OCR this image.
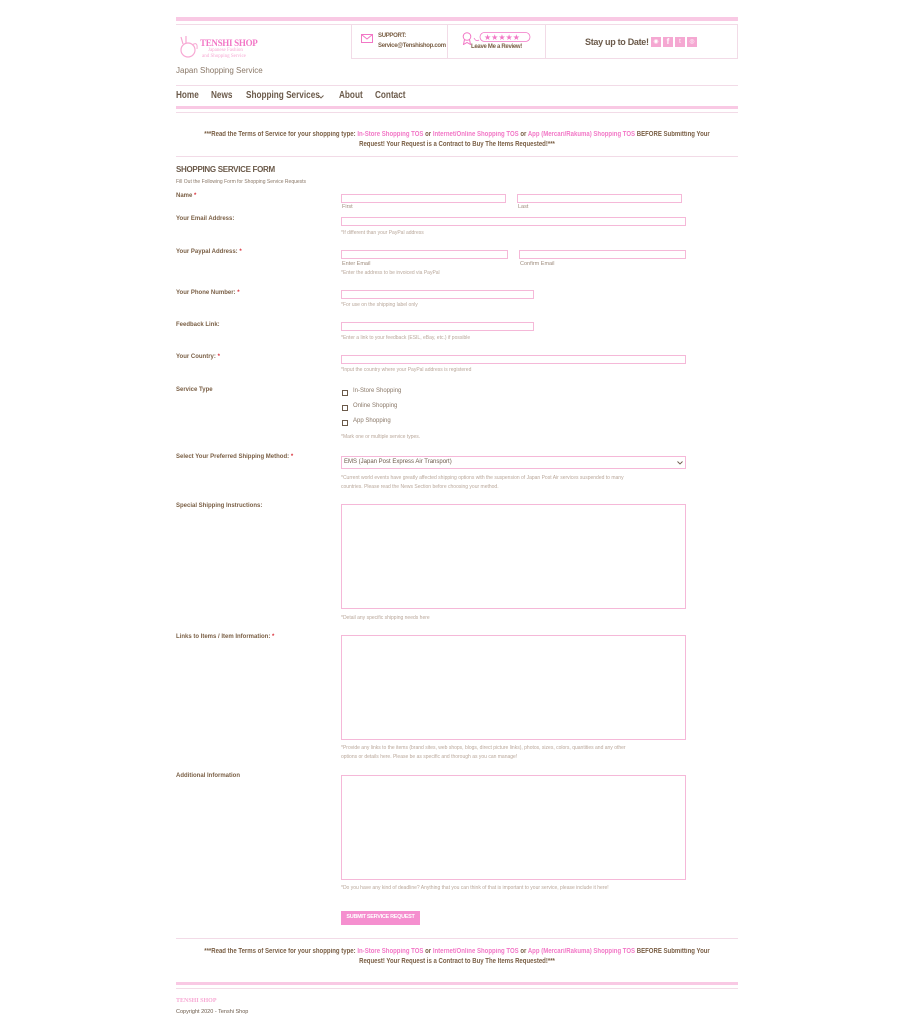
TENSHI SHOP
Japanese Fashion
and Shopping Service
Japan Shopping Service
SUPPORT:
Service@Tenshishop.com
★★★★★
Leave Me a Review!	Stay up to Date! ◉	f	t	◎
Home News Shopping Services About Contact
***Read the Terms of Service for your shopping type: In-Store Shopping TOS or Internet/Online Shopping TOS or App (Mercari/Rakuma) Shopping TOS BEFORE Submitting Your Request! Your Request is a Contract to Buy The Items Requested!***
SHOPPING SERVICE FORM
Fill Out the Following Form for Shopping Service Requests
Name *
First	Last
Your Email Address:
*If different than your PayPal address
Your Paypal Address: *
Enter Email	Confirm Email
*Enter the address to be invoiced via PayPal
Your Phone Number: *
*For use on the shipping label only
Feedback Link:
*Enter a link to your feedback (ESIL, eBay, etc.) if possible
Your Country: *
*Input the country where your PayPal address is registered
Service Type	In-Store Shopping
Online Shopping
App Shopping
*Mark one or multiple service types.
Select Your Preferred Shipping Method: *
EMS (Japan Post Express Air Transport)
*Current world events have greatly affected shipping options with the suspension of Japan Post Air services suspended to many
countries. Please read the News Section before choosing your method.
Special Shipping Instructions:
*Detail any specific shipping needs here
Links to Items / Item Information: *
*Provide any links to the items (brand sites, web shops, blogs, direct picture links), photos, sizes, colors, quantities and any other
options or details here. Please be as specific and thorough as you can manage!
Additional Information
*Do you have any kind of deadline? Anything that you can think of that is important to your service, please include it here!
SUBMIT SERVICE REQUEST
***Read the Terms of Service for your shopping type: In-Store Shopping TOS or Internet/Online Shopping TOS or App (Mercari/Rakuma) Shopping TOS BEFORE Submitting Your Request! Your Request is a Contract to Buy The Items Requested!***
TENSHI SHOP
Copyright 2020 - Tenshi Shop
